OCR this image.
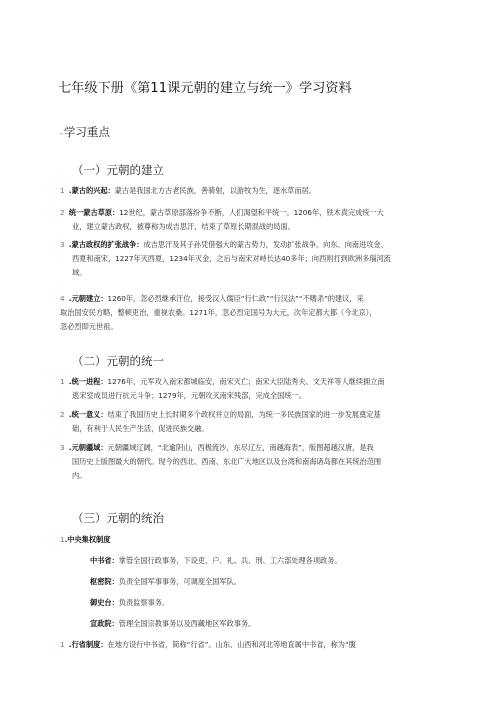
七年级下册《第11课元朝的建立与统一》学习资料
-学习重点
（一）元朝的建立
1 .蒙古的兴起：蒙古是我国北方古老民族，善骑射，以游牧为生，逐水草而居。
2 统一蒙古草原：12世纪，蒙古草原部落纷争不断，人们渴望和平统一。1206年，铁木真完成统一大
业，建立蒙古政权，被尊称为成吉思汗，结束了草原长期混战的局面。
3 .蒙古政权的扩张战争：成吉思汗及其子孙凭借强大的蒙古势力，发动扩张战争。向东、向南进攻金、
西夏和南宋，1227年灭西夏，1234年灭金，之后与南宋对峙长达40多年；向西则打到欧洲多瑙河流
域。
4 .元朝建立：1260年，忽必烈继承汗位，接受汉人儒臣“行仁政”“行汉法”“不嗜杀”的建议，采
取治国安民方略，整顿吏治，重视农桑。1271年，忽必烈定国号为大元，次年定都大都（今北京），
忽必烈即元世祖。
（二）元朝的统一
1 .统一进程：1276年，元军攻入南宋都城临安，南宋灭亡；南宋大臣陆秀夫、文天祥等人继续拥立南
逃宋室成员进行抗元斗争；1279年，元朝攻灭南宋残部，完成全国统一。
2 .统一意义：结束了我国历史上长时期多个政权并立的局面，为统一多民族国家的进一步发展奠定基
础，有利于人民生产生活，促进民族交融。
3 .元朝疆域：元朝疆域辽阔，“北逾阴山，西极流沙，东尽辽左，南越海表”，版图超越汉唐，是我
国历史上版图最大的朝代。现今的西北、西南、东北广大地区以及台湾和南海诸岛都在其统治范围
内。
（三）元朝的统治
1.中央集权制度
中书省：掌管全国行政事务，下设吏、户、礼、兵、刑、工六部处理各项政务。
枢密院：负责全国军事事务，可调度全国军队。
御史台：负责监察事务。
宣政院：管理全国宗教事务以及西藏地区军政事务。
1 .行省制度：在地方设行中书省，简称“行省”。山东、山西和河北等地直属中书省，称为“腹
